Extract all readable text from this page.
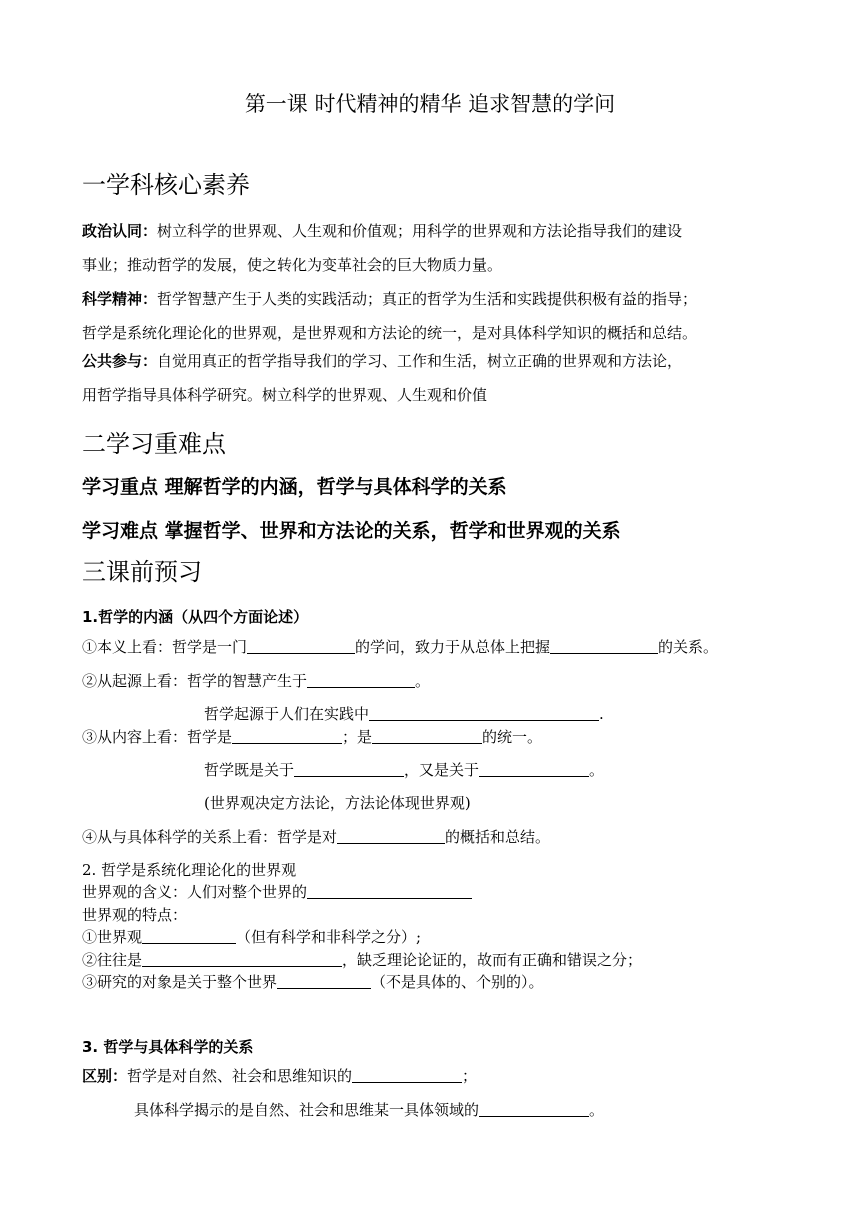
第一课 时代精神的精华 追求智慧的学问
一学科核心素养
政治认同：树立科学的世界观、人生观和价值观；用科学的世界观和方法论指导我们的建设
事业；推动哲学的发展，使之转化为变革社会的巨大物质力量。
科学精神：哲学智慧产生于人类的实践活动；真正的哲学为生活和实践提供积极有益的指导；
哲学是系统化理论化的世界观，是世界观和方法论的统一，是对具体科学知识的概括和总结。
公共参与：自觉用真正的哲学指导我们的学习、工作和生活，树立正确的世界观和方法论，
用哲学指导具体科学研究。树立科学的世界观、人生观和价值
二学习重难点
学习重点 理解哲学的内涵，哲学与具体科学的关系
学习难点 掌握哲学、世界和方法论的关系，哲学和世界观的关系
三课前预习
1.哲学的内涵（从四个方面论述）
①本义上看：哲学是一门	的学问，致力于从总体上把握	的关系。
②从起源上看：哲学的智慧产生于	。
哲学起源于人们在实践中	.
③从内容上看：哲学是	；是	的统一。
哲学既是关于	，又是关于	。
(世界观决定方法论，方法论体现世界观)
④从与具体科学的关系上看：哲学是对	的概括和总结。
2. 哲学是系统化理论化的世界观
世界观的含义：人们对整个世界的
世界观的特点：
①世界观	（但有科学和非科学之分）;
②往往是	，缺乏理论论证的，故而有正确和错误之分；
③研究的对象是关于整个世界	（不是具体的、个别的）。
3. 哲学与具体科学的关系
区别：哲学是对自然、社会和思维知识的	；
具体科学揭示的是自然、社会和思维某一具体领域的	。
